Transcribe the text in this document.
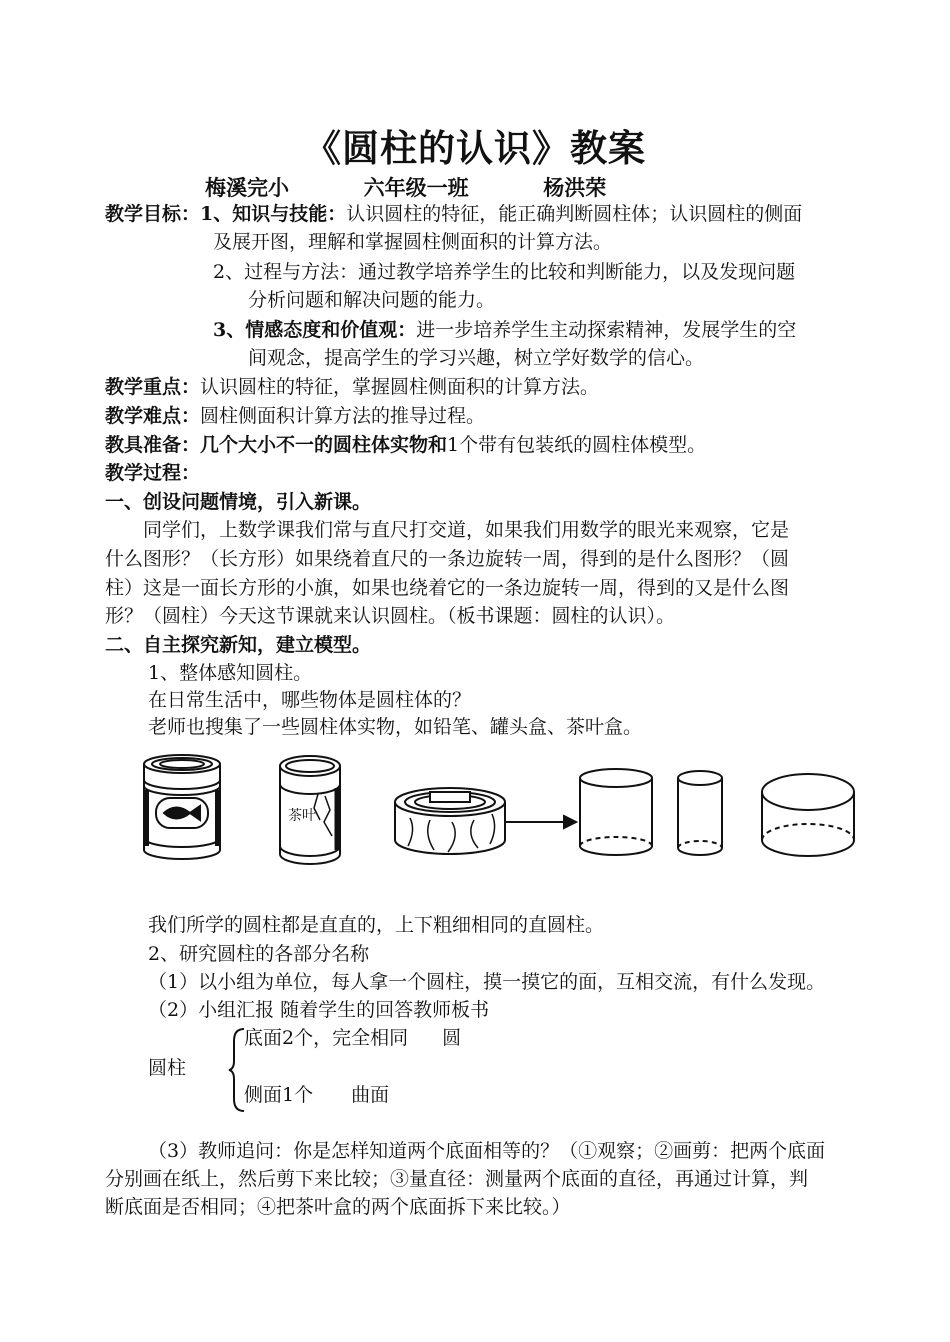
《圆柱的认识》教案
梅溪完小	六年级一班	杨洪荣
教学目标：1、知识与技能：认识圆柱的特征，能正确判断圆柱体；认识圆柱的侧面
及展开图，理解和掌握圆柱侧面积的计算方法。
2、过程与方法：通过教学培养学生的比较和判断能力，以及发现问题
分析问题和解决问题的能力。
3、情感态度和价值观：进一步培养学生主动探索精神，发展学生的空
间观念，提高学生的学习兴趣，树立学好数学的信心。
教学重点：认识圆柱的特征，掌握圆柱侧面积的计算方法。
教学难点：圆柱侧面积计算方法的推导过程。
教具准备：几个大小不一的圆柱体实物和1个带有包装纸的圆柱体模型。
教学过程：
一、创设问题情境，引入新课。
同学们，上数学课我们常与直尺打交道，如果我们用数学的眼光来观察，它是
什么图形？（长方形）如果绕着直尺的一条边旋转一周，得到的是什么图形？（圆
柱）这是一面长方形的小旗，如果也绕着它的一条边旋转一周，得到的又是什么图
形？（圆柱）今天这节课就来认识圆柱。（板书课题：圆柱的认识）。
二、自主探究新知，建立模型。
1、整体感知圆柱。
在日常生活中，哪些物体是圆柱体的？
老师也搜集了一些圆柱体实物，如铅笔、罐头盒、茶叶盒。
茶叶
我们所学的圆柱都是直直的，上下粗细相同的直圆柱。
2、研究圆柱的各部分名称
（1）以小组为单位，每人拿一个圆柱，摸一摸它的面，互相交流，有什么发现。
（2）小组汇报 随着学生的回答教师板书
底面2个，完全相同 圆
圆柱
侧面1个 曲面
（3）教师追问：你是怎样知道两个底面相等的？（①观察；②画剪：把两个底面
分别画在纸上，然后剪下来比较；③量直径：测量两个底面的直径，再通过计算，判
断底面是否相同；④把茶叶盒的两个底面拆下来比较。）
